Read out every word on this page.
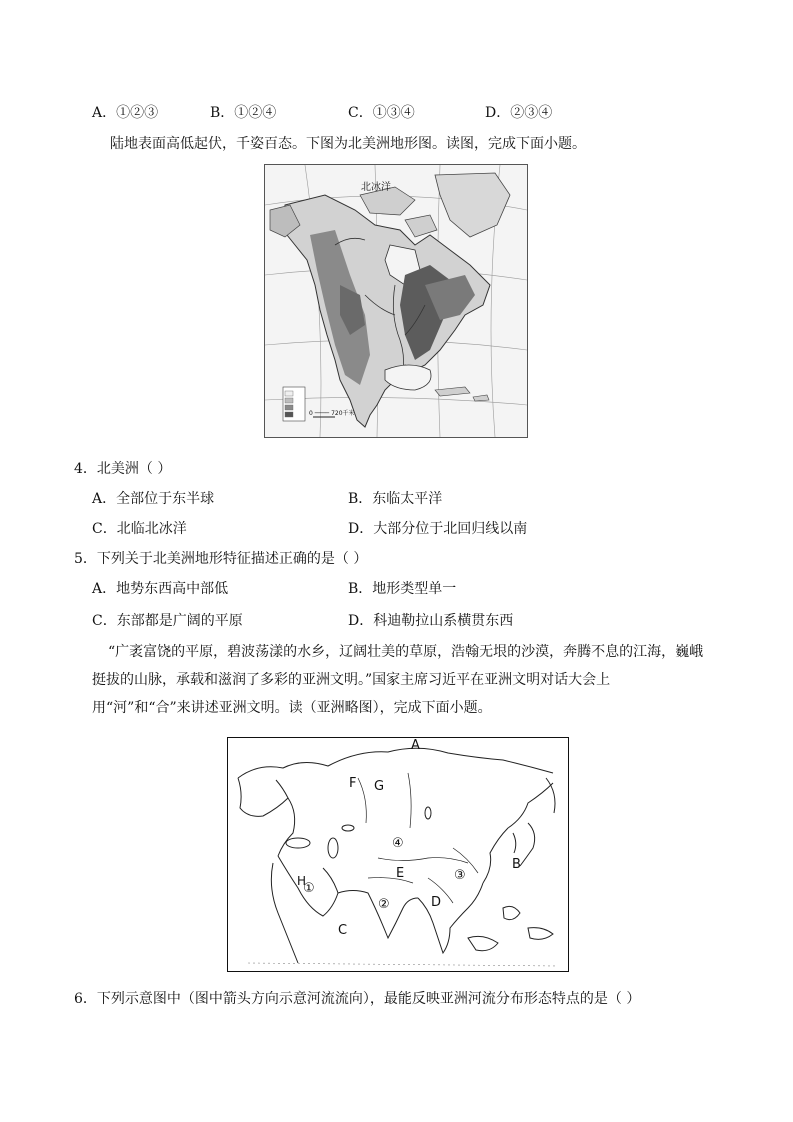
A．①②③	B．①②④	C．①③④	D．②③④
陆地表面高低起伏，千姿百态。下图为北美洲地形图。读图，完成下面小题。
北冰洋
0 ──── 720千米
4．北美洲（ ）
A．全部位于东半球	B．东临太平洋
C．北临北冰洋	D．大部分位于北回归线以南
5．下列关于北美洲地形特征描述正确的是（ ）
A．地势东西高中部低	B．地形类型单一
C．东部都是广阔的平原	D．科迪勒拉山系横贯东西
“广袤富饶的平原，碧波荡漾的水乡，辽阔壮美的草原，浩翰无垠的沙漠，奔腾不息的江海，巍峨挺拔的山脉，承载和滋润了多彩的亚洲文明。”国家主席习近平在亚洲文明对话大会上用“河”和“合”来讲述亚洲文明。读（亚洲略图），完成下面小题。
A
B
C
D
E
F G
H
①
②
③
④
6．下列示意图中（图中箭头方向示意河流流向），最能反映亚洲河流分布形态特点的是（ ）
